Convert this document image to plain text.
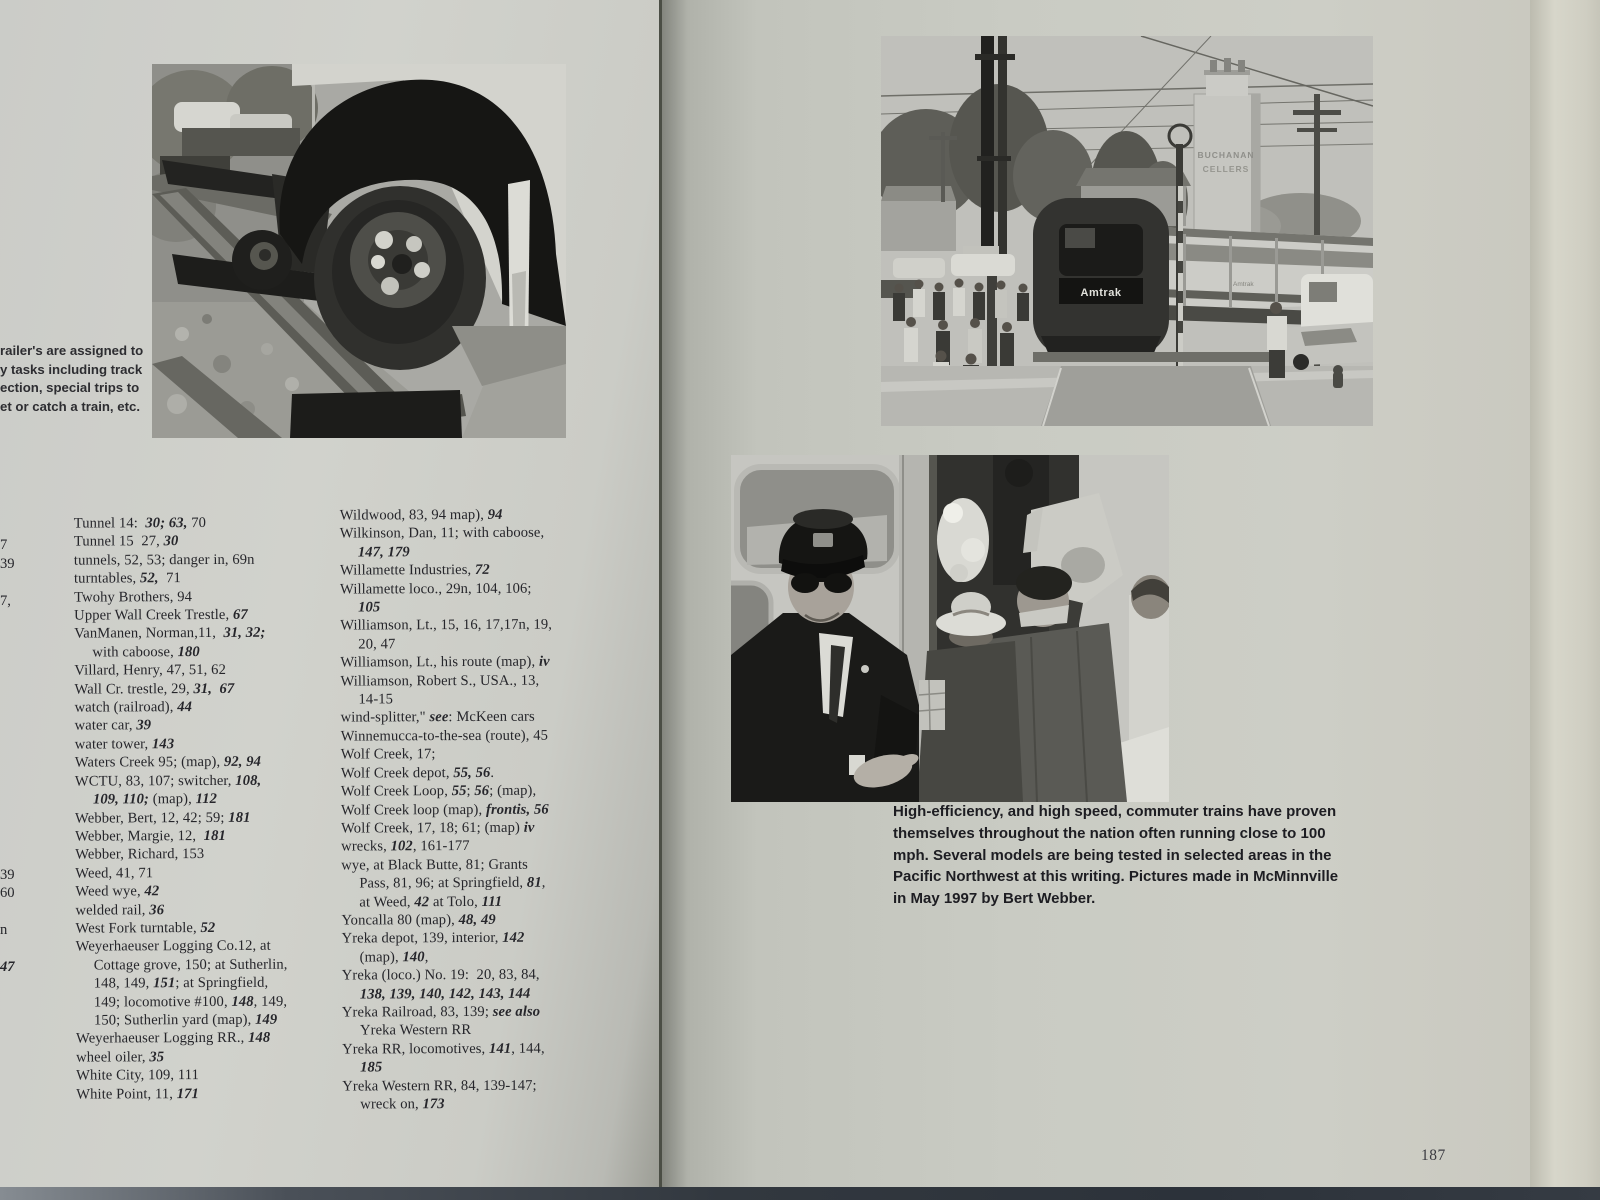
railer's are assigned to
y tasks including track
ection, special trips to
et or catch a train, etc.
7
39
7,
39
60
n
47
Tunnel 14:  30; 63, 70
Tunnel 15  27, 30
tunnels, 52, 53; danger in, 69n
turntables, 52,  71
Twohy Brothers, 94
Upper Wall Creek Trestle, 67
VanManen, Norman,11,  31, 32;
with caboose, 180
Villard, Henry, 47, 51, 62
Wall Cr. trestle, 29, 31, 67
watch (railroad), 44
water car, 39
water tower, 143
Waters Creek 95; (map), 92, 94
WCTU, 83, 107; switcher, 108,
109, 110; (map), 112
Webber, Bert, 12, 42; 59; 181
Webber, Margie, 12,  181
Webber, Richard, 153
Weed, 41, 71
Weed wye, 42
welded rail, 36
West Fork turntable, 52
Weyerhaeuser Logging Co.12, at
Cottage grove, 150; at Sutherlin,
148, 149, 151; at Springfield,
149; locomotive #100, 148, 149,
150; Sutherlin yard (map), 149
Weyerhaeuser Logging RR., 148
wheel oiler, 35
White City, 109, 111
White Point, 11, 171
Wildwood, 83, 94 map), 94
Wilkinson, Dan, 11; with caboose,
147, 179
Willamette Industries, 72
Willamette loco., 29n, 104, 106;
105
Williamson, Lt., 15, 16, 17,17n, 19,
20, 47
Williamson, Lt., his route (map), iv
Williamson, Robert S., USA., 13,
14-15
wind-splitter," see: McKeen cars
Winnemucca-to-the-sea (route), 45
Wolf Creek, 17;
Wolf Creek depot, 55, 56.
Wolf Creek Loop, 55; 56; (map),
Wolf Creek loop (map), frontis, 56
Wolf Creek, 17, 18; 61; (map) iv
wrecks, 102, 161-177
wye, at Black Butte, 81; Grants
Pass, 81, 96; at Springfield, 81,
at Weed, 42 at Tolo, 111
Yoncalla 80 (map), 48, 49
Yreka depot, 139, interior, 142
(map), 140,
Yreka (loco.) No. 19:  20, 83, 84,
138, 139, 140, 142, 143, 144
Yreka Railroad, 83, 139; see also
Yreka Western RR
Yreka RR, locomotives, 141, 144,
185
Yreka Western RR, 84, 139-147;
wreck on, 173
BUCHANAN
CELLERS
Amtrak
Amtrak
High-efficiency, and high speed, commuter trains have proven
themselves throughout the nation often running close to 100
mph. Several models are being tested in selected areas in the
Pacific Northwest at this writing. Pictures made in McMinnville
in May 1997 by Bert Webber.
187
